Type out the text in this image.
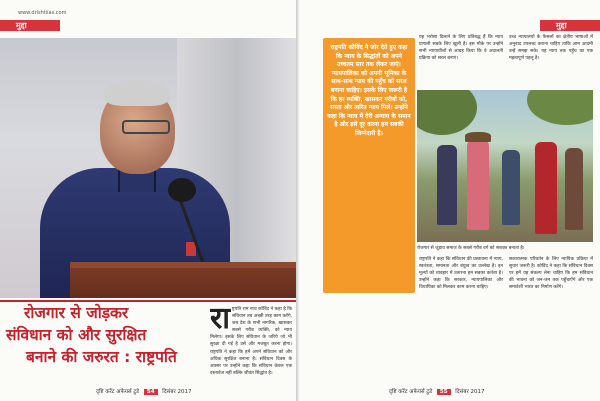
www.drishtiias.com
मुद्दा
रोजगार से जोड़कर
संविधान को और सुरक्षित
बनाने की जरुरत : राष्ट्रपति
रा ष्ट्रपति राम नाथ कोविंद ने कहा है कि संविधान तब अच्छी तरह काम करेंगे, जब देश के सभी नागरिक, खासकर सबसे गरीब व्यक्ति, को न्याय मिलेगा। इसके लिए संविधान के जरिये जो भी सुरक्षा दी गई है उसे और मजबूत करना होगा। राष्ट्रपति ने कहा कि हमें अपने संविधान को और अधिक सुरक्षित बनाना है। संविधान दिवस के अवसर पर उन्होंने कहा कि संविधान केवल एक दस्तावेज नहीं बल्कि जीवंत सिद्धांत है।
दृष्टि करेंट अफेयर्स टुडे 54 दिसंबर 2017
मुद्दा
राष्ट्रपति कोविंद ने जोर देते हुए कहा कि न्याय के सिद्धांतों को अपने उच्चतम स्तर तक लेकर जाएं। न्यायपालिका को अपनी भूमिका के साथ-साथ न्याय की पहुँच को सरल बनाना चाहिए। इसके लिए जरूरी है कि हर व्यक्ति, खासकर गरीबों को, सस्ता और त्वरित न्याय मिले। उन्होंने कहा कि न्याय में देरी अन्याय के समान है और इसे दूर करना हम सबकी जिम्मेदारी है।
यह भरोसा दिलाने के लिए प्रतिबद्ध हैं कि न्याय प्रणाली सबके लिए खुली है। इस मौके पर उन्होंने सभी न्यायाधीशों से आग्रह किया कि वे अदालती प्रक्रिया को सरल बनाएं।
उच्च न्यायालयों के फैसलों का क्षेत्रीय भाषाओं में अनुवाद उपलब्ध कराना चाहिए ताकि आम आदमी उन्हें समझ सके। यह न्याय तक पहुँच का एक महत्वपूर्ण पहलू है।
रोजगार से जुड़ाव समाज के सबसे गरीब वर्ग को सशक्त बनाता है।
राष्ट्रपति ने कहा कि संविधान की प्रस्तावना में न्याय, स्वतंत्रता, समानता और बंधुत्व का उल्लेख है। इन मूल्यों को व्यवहार में उतारना हम सबका कर्तव्य है। उन्होंने कहा कि सरकार, न्यायपालिका और विधायिका को मिलकर काम करना चाहिए।
सकारात्मक परिवर्तन के लिए न्यायिक प्रक्रिया में सुधार जरूरी है। कोविंद ने कहा कि संविधान दिवस पर हमें यह संकल्प लेना चाहिए कि हम संविधान की भावना को जन-जन तक पहुँचाएँगे और एक समावेशी भारत का निर्माण करेंगे।
दृष्टि करेंट अफेयर्स टुडे 55 दिसंबर 2017
